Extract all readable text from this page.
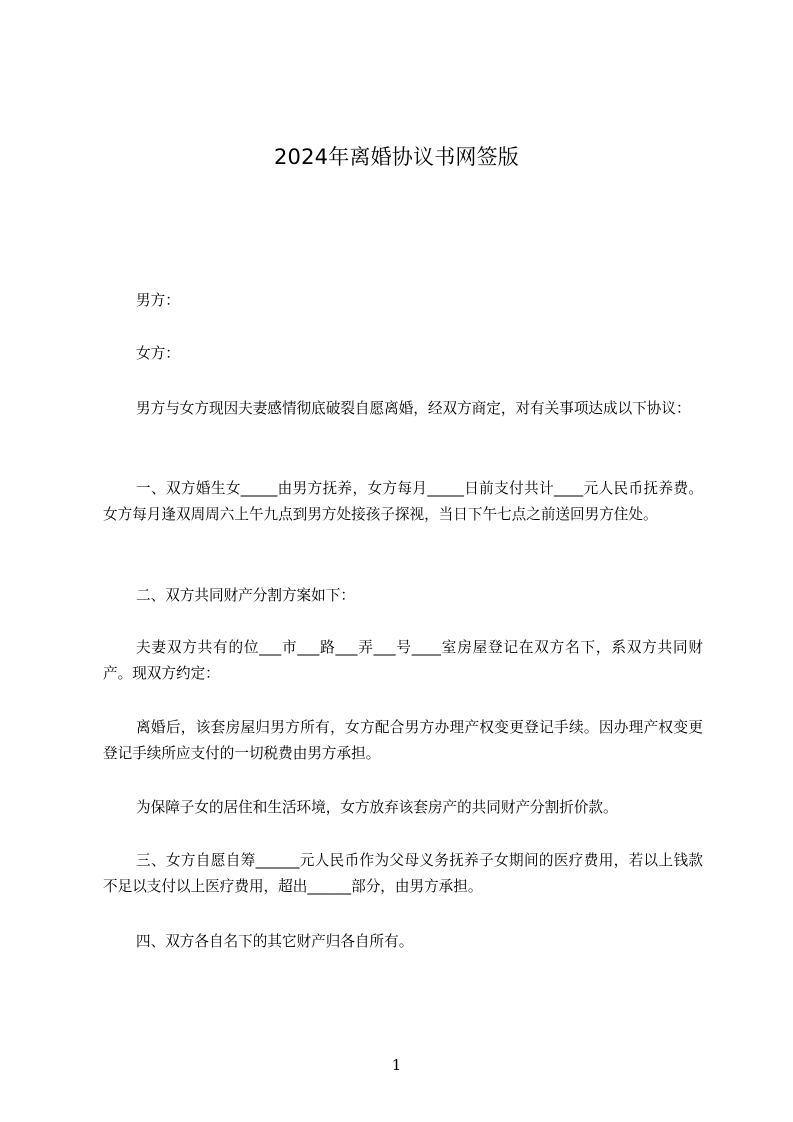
2024年离婚协议书网签版
男方：
女方：
男方与女方现因夫妻感情彻底破裂自愿离婚，经双方商定，对有关事项达成以下协议：
一、双方婚生女_____由男方抚养，女方每月_____日前支付共计____元人民币抚养费。女方每月逢双周周六上午九点到男方处接孩子探视，当日下午七点之前送回男方住处。
二、双方共同财产分割方案如下：
夫妻双方共有的位___市___路___弄___号____室房屋登记在双方名下，系双方共同财产。现双方约定：
离婚后，该套房屋归男方所有，女方配合男方办理产权变更登记手续。因办理产权变更登记手续所应支付的一切税费由男方承担。
为保障子女的居住和生活环境，女方放弃该套房产的共同财产分割折价款。
三、女方自愿自筹______元人民币作为父母义务抚养子女期间的医疗费用，若以上钱款不足以支付以上医疗费用，超出______部分，由男方承担。
四、双方各自名下的其它财产归各自所有。
1
